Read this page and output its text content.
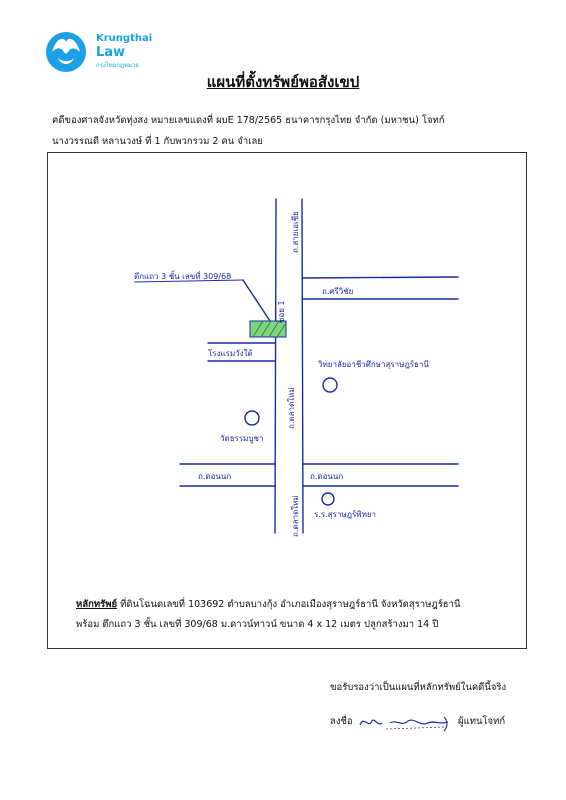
Krungthai
Law
กรุงไทยกฎหมาย
แผนที่ตั้งทรัพย์พอสังเขป
คดีของศาลจังหวัดทุ่งสง หมายเลขแดงที่ ผบE 178/2565 ธนาคารกรุงไทย จำกัด (มหาชน) โจทก์
นางวรรณดี หลานวงษ์ ที่ 1 กับพวกรวม 2 คน จำเลย
ตึกแถว 3 ชั้น เลขที่ 309/68
ถ.สายเอเชีย
ซอย 1
ถ.ศรีวิชัย
โรงแรมวังใต้
วิทยาลัยอาชีวศึกษาสุราษฎร์ธานี
ถ.ตลาดใหม่
วัดธรรมบูชา
ถ.ดอนนก	ถ.ดอนนก
ถ.ตลาดใหม่ ร.ร.สุราษฎร์พิทยา
หลักทรัพย์ ที่ดินโฉนดเลขที่ 103692 ตำบลบางกุ้ง อำเภอเมืองสุราษฎร์ธานี จังหวัดสุราษฎร์ธานี
พร้อม ตึกแถว 3 ชั้น เลขที่ 309/68 ม.ดาวน์ทาวน์ ขนาด 4 x 12 เมตร ปลูกสร้างมา 14 ปี
ขอรับรองว่าเป็นแผนที่หลักทรัพย์ในคดีนี้จริง
ลงชื่อ	ผู้แทนโจทก์
